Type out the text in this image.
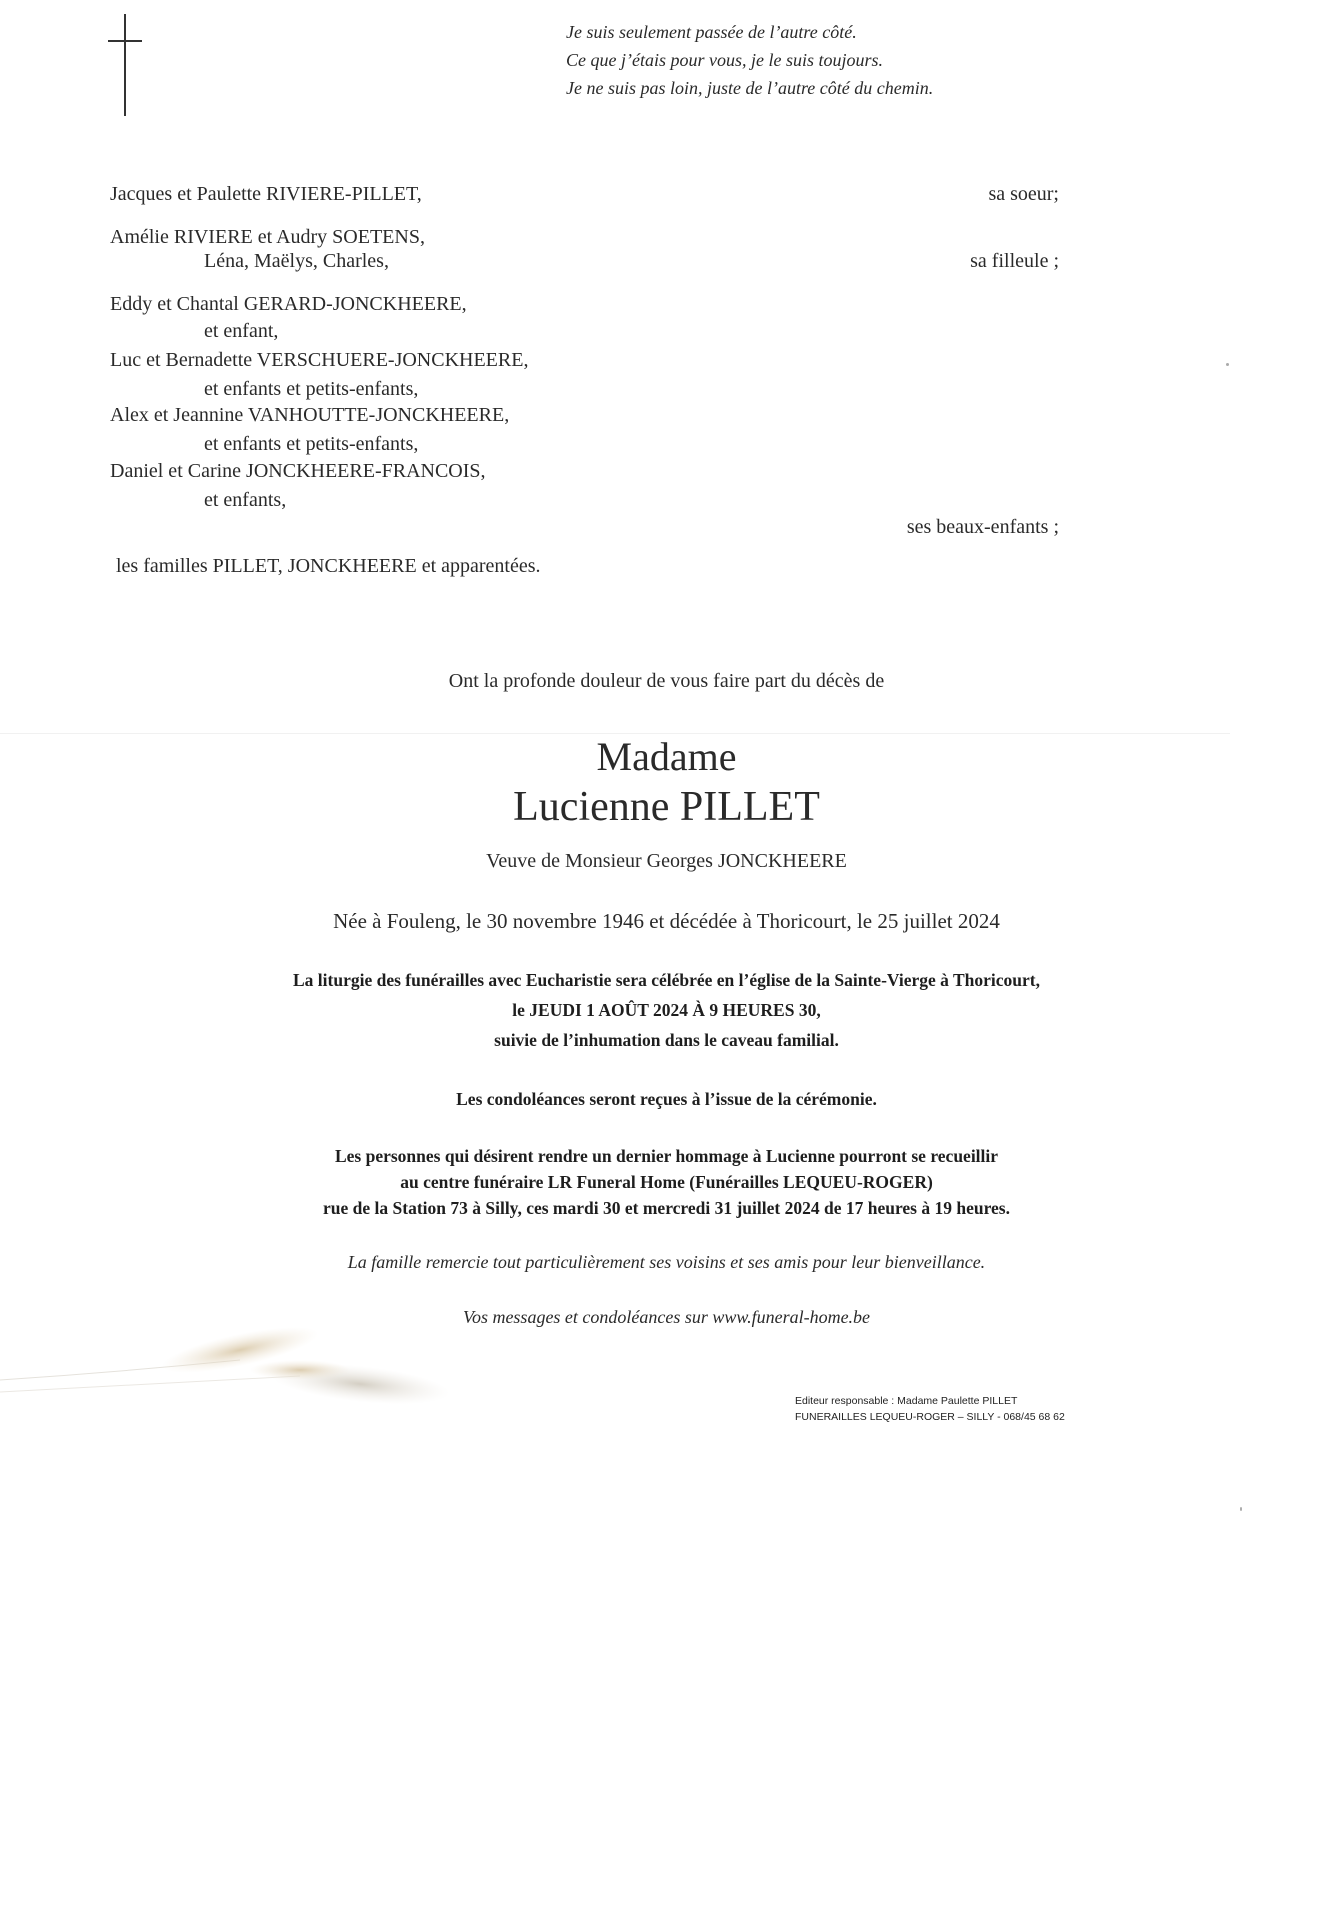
Je suis seulement passée de l’autre côté.
Ce que j’étais pour vous, je le suis toujours.
Je ne suis pas loin, juste de l’autre côté du chemin.
Jacques et Paulette RIVIERE-PILLET,	sa soeur;
Amélie RIVIERE et Audry SOETENS,
Léna, Maëlys, Charles,	sa filleule ;
Eddy et Chantal GERARD-JONCKHEERE,
et enfant,
Luc et Bernadette VERSCHUERE-JONCKHEERE,
et enfants et petits-enfants,
Alex et Jeannine VANHOUTTE-JONCKHEERE,
et enfants et petits-enfants,
Daniel et Carine JONCKHEERE-FRANCOIS,
et enfants,
ses beaux-enfants ;
les familles PILLET, JONCKHEERE et apparentées.
Ont la profonde douleur de vous faire part du décès de
Madame
Lucienne PILLET
Veuve de Monsieur Georges JONCKHEERE
Née à Fouleng, le 30 novembre 1946 et décédée à Thoricourt, le 25 juillet 2024
La liturgie des funérailles avec Eucharistie sera célébrée en l’église de la Sainte-Vierge à Thoricourt,
le JEUDI 1 AOÛT 2024 À 9 HEURES 30,
suivie de l’inhumation dans le caveau familial.
Les condoléances seront reçues à l’issue de la cérémonie.
Les personnes qui désirent rendre un dernier hommage à Lucienne pourront se recueillir
au centre funéraire LR Funeral Home (Funérailles LEQUEU-ROGER)
rue de la Station 73 à Silly, ces mardi 30 et mercredi 31 juillet 2024 de 17 heures à 19 heures.
La famille remercie tout particulièrement ses voisins et ses amis pour leur bienveillance.
Vos messages et condoléances sur www.funeral-home.be
Editeur responsable : Madame Paulette PILLET
FUNERAILLES LEQUEU-ROGER – SILLY - 068/45 68 62
